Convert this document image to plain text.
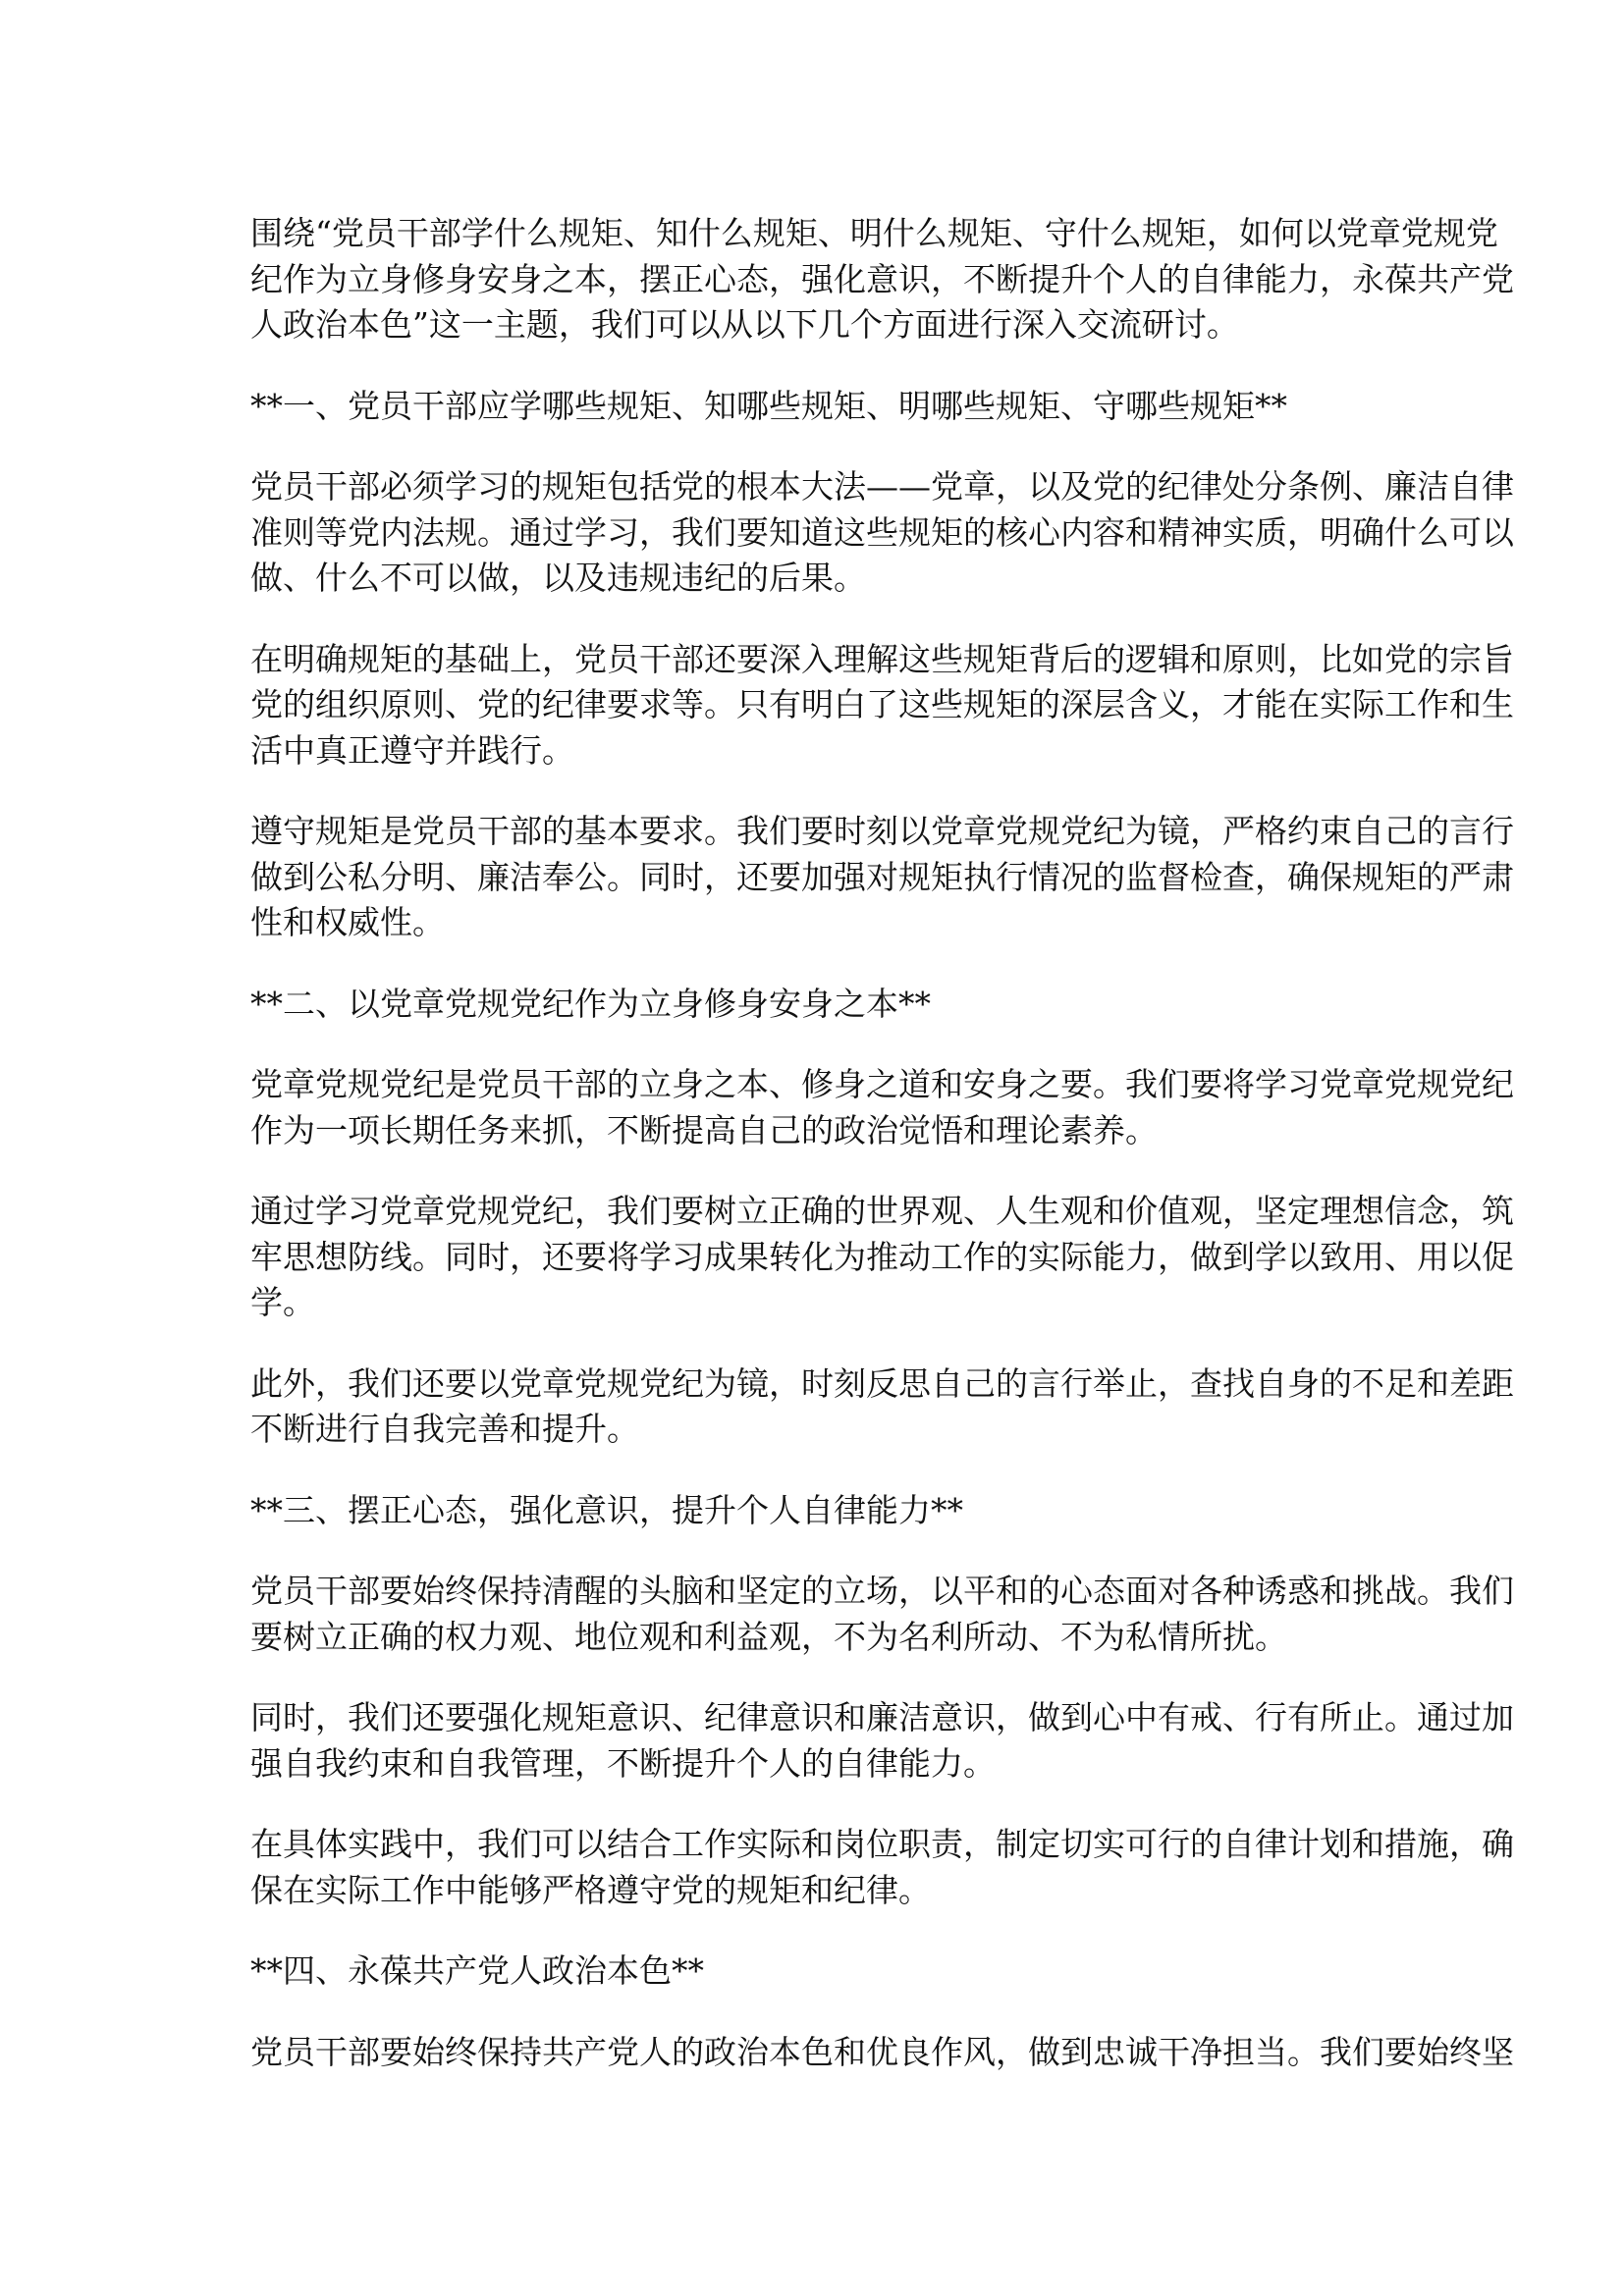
围绕“党员干部学什么规矩、知什么规矩、明什么规矩、守什么规矩，如何以党章党规党
纪作为立身修身安身之本，摆正心态，强化意识，不断提升个人的自律能力，永葆共产党
人政治本色”这一主题，我们可以从以下几个方面进行深入交流研讨。
**一、党员干部应学哪些规矩、知哪些规矩、明哪些规矩、守哪些规矩**
党员干部必须学习的规矩包括党的根本大法——党章，以及党的纪律处分条例、廉洁自律
准则等党内法规。通过学习，我们要知道这些规矩的核心内容和精神实质，明确什么可以
做、什么不可以做，以及违规违纪的后果。
在明确规矩的基础上，党员干部还要深入理解这些规矩背后的逻辑和原则，比如党的宗旨
党的组织原则、党的纪律要求等。只有明白了这些规矩的深层含义，才能在实际工作和生
活中真正遵守并践行。
遵守规矩是党员干部的基本要求。我们要时刻以党章党规党纪为镜，严格约束自己的言行
做到公私分明、廉洁奉公。同时，还要加强对规矩执行情况的监督检查，确保规矩的严肃
性和权威性。
**二、以党章党规党纪作为立身修身安身之本**
党章党规党纪是党员干部的立身之本、修身之道和安身之要。我们要将学习党章党规党纪
作为一项长期任务来抓，不断提高自己的政治觉悟和理论素养。
通过学习党章党规党纪，我们要树立正确的世界观、人生观和价值观，坚定理想信念，筑
牢思想防线。同时，还要将学习成果转化为推动工作的实际能力，做到学以致用、用以促
学。
此外，我们还要以党章党规党纪为镜，时刻反思自己的言行举止，查找自身的不足和差距
不断进行自我完善和提升。
**三、摆正心态，强化意识，提升个人自律能力**
党员干部要始终保持清醒的头脑和坚定的立场，以平和的心态面对各种诱惑和挑战。我们
要树立正确的权力观、地位观和利益观，不为名利所动、不为私情所扰。
同时，我们还要强化规矩意识、纪律意识和廉洁意识，做到心中有戒、行有所止。通过加
强自我约束和自我管理，不断提升个人的自律能力。
在具体实践中，我们可以结合工作实际和岗位职责，制定切实可行的自律计划和措施，确
保在实际工作中能够严格遵守党的规矩和纪律。
**四、永葆共产党人政治本色**
党员干部要始终保持共产党人的政治本色和优良作风，做到忠诚干净担当。我们要始终坚
